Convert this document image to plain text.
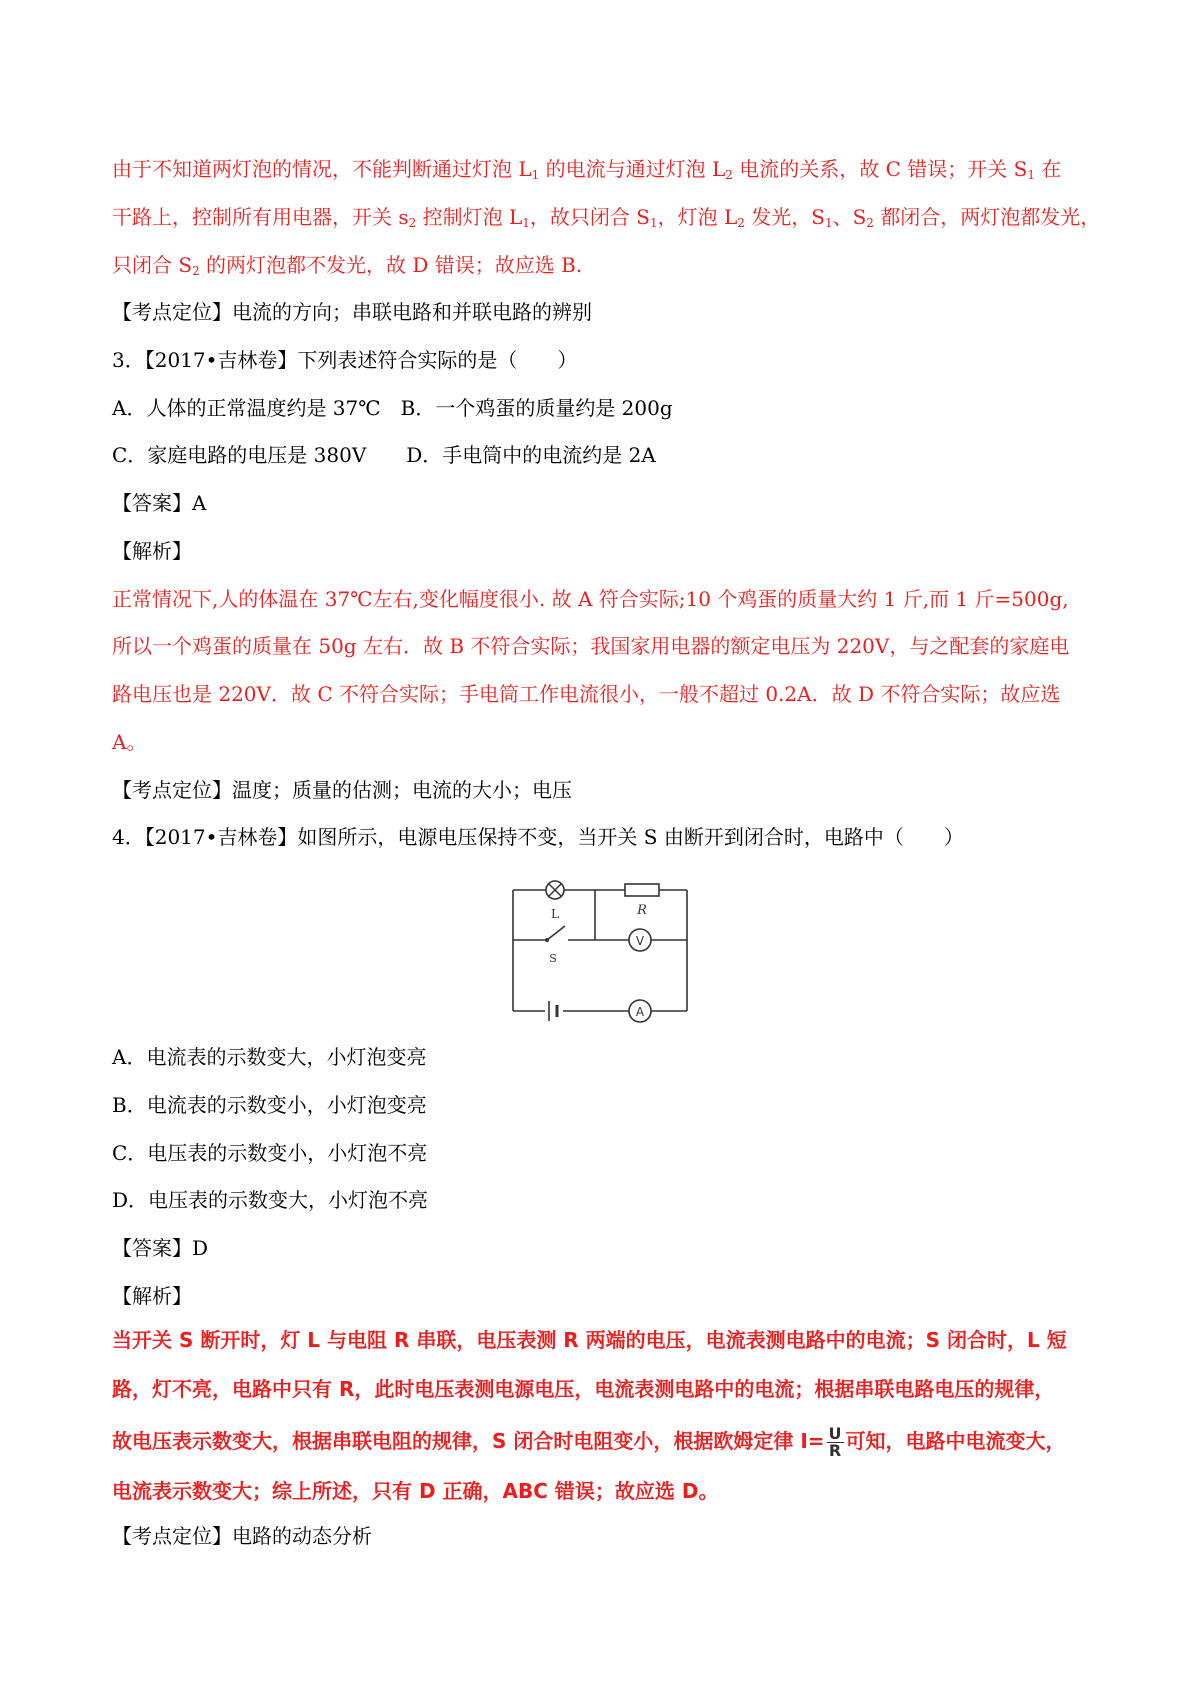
由于不知道两灯泡的情况，不能判断通过灯泡 $L_1$ 的电流与通过灯泡 $L_2$ 电流的关系，故 C 错误；开关 $S_1$ 在
干路上，控制所有用电器，开关 $s_2$ 控制灯泡 $L_1$，故只闭合 $S_1$，灯泡 $L_2$ 发光，$S_1$、$S_2$ 都闭合，两灯泡都发光，
只闭合 $S_2$ 的两灯泡都不发光，故 D 错误；故应选 B.
【考点定位】电流的方向；串联电路和并联电路的辨别
3．【2017•吉林卷】下列表述符合实际的是（　　）
A．人体的正常温度约是 37℃　B．一个鸡蛋的质量约是 200g
C．家庭电路的电压是 380V　　D．手电筒中的电流约是 2A
【答案】A
【解析】
正常情况下,人的体温在 37℃左右,变化幅度很小. 故 A 符合实际;10 个鸡蛋的质量大约 1 斤,而 1 斤=500g,
所以一个鸡蛋的质量在 50g 左右．故 B 不符合实际；我国家用电器的额定电压为 220V，与之配套的家庭电
路电压也是 220V．故 C 不符合实际；手电筒工作电流很小，一般不超过 0.2A．故 D 不符合实际；故应选
A。
【考点定位】温度；质量的估测；电流的大小；电压
4．【2017•吉林卷】如图所示，电源电压保持不变，当开关 S 由断开到闭合时，电路中（　　）
L	R
S
V
A
A．电流表的示数变大，小灯泡变亮
B．电流表的示数变小，小灯泡变亮
C．电压表的示数变小，小灯泡不亮
D．电压表的示数变大，小灯泡不亮
【答案】D
【解析】
当开关 S 断开时，灯 L 与电阻 R 串联，电压表测 R 两端的电压，电流表测电路中的电流；S 闭合时，L 短
路，灯不亮，电路中只有 R，此时电压表测电源电压，电流表测电路中的电流；根据串联电路电压的规律，
故电压表示数变大，根据串联电阻的规律，S 闭合时电阻变小，根据欧姆定律 $I= \frac{U}{R}$ 可知，电路中电流变大，
电流表示数变大；综上所述，只有 D 正确，ABC 错误；故应选 D。
【考点定位】电路的动态分析
